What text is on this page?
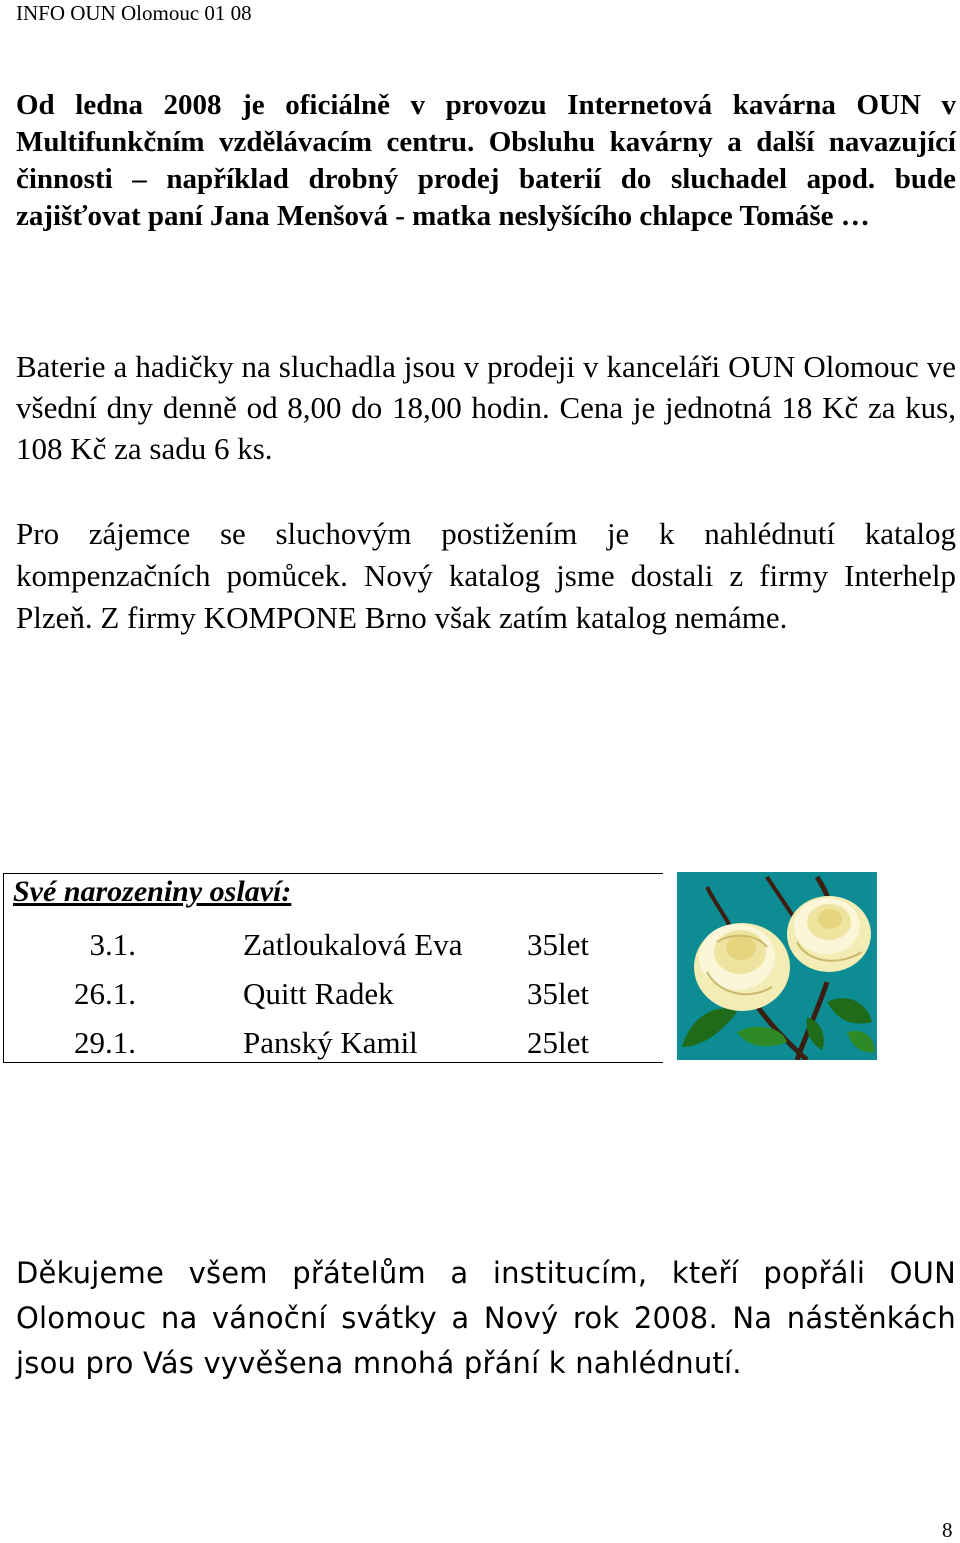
INFO OUN Olomouc 01 08

Od ledna 2008 je oficiálně v provozu Internetová kavárna OUN v Multifunkčním vzdělávacím centru. Obsluhu kavárny a další navazující činnosti – například drobný prodej baterií do sluchadel apod. bude zajišťovat paní Jana Menšová - matka neslyšícího chlapce Tomáše …

Baterie a hadičky na sluchadla jsou v prodeji v kanceláři OUN Olomouc ve všední dny denně od 8,00 do 18,00 hodin. Cena je jednotná 18 Kč za kus, 108 Kč za sadu 6 ks.

Pro zájemce se sluchovým postižením je k nahlédnutí katalog kompenzačních pomůcek. Nový katalog jsme dostali z firmy Interhelp Plzeň. Z firmy KOMPONE Brno však zatím katalog nemáme.

Své narozeniny oslaví:
3.1.	Zatloukalová Eva 35let
26.1.	Quitt Radek	35let
29.1.	Panský Kamil	25let

Děkujeme všem přátelům a institucím, kteří popřáli OUN Olomouc na vánoční svátky a Nový rok 2008. Na nástěnkách jsou pro Vás vyvěšena mnohá přání k nahlédnutí.

8
